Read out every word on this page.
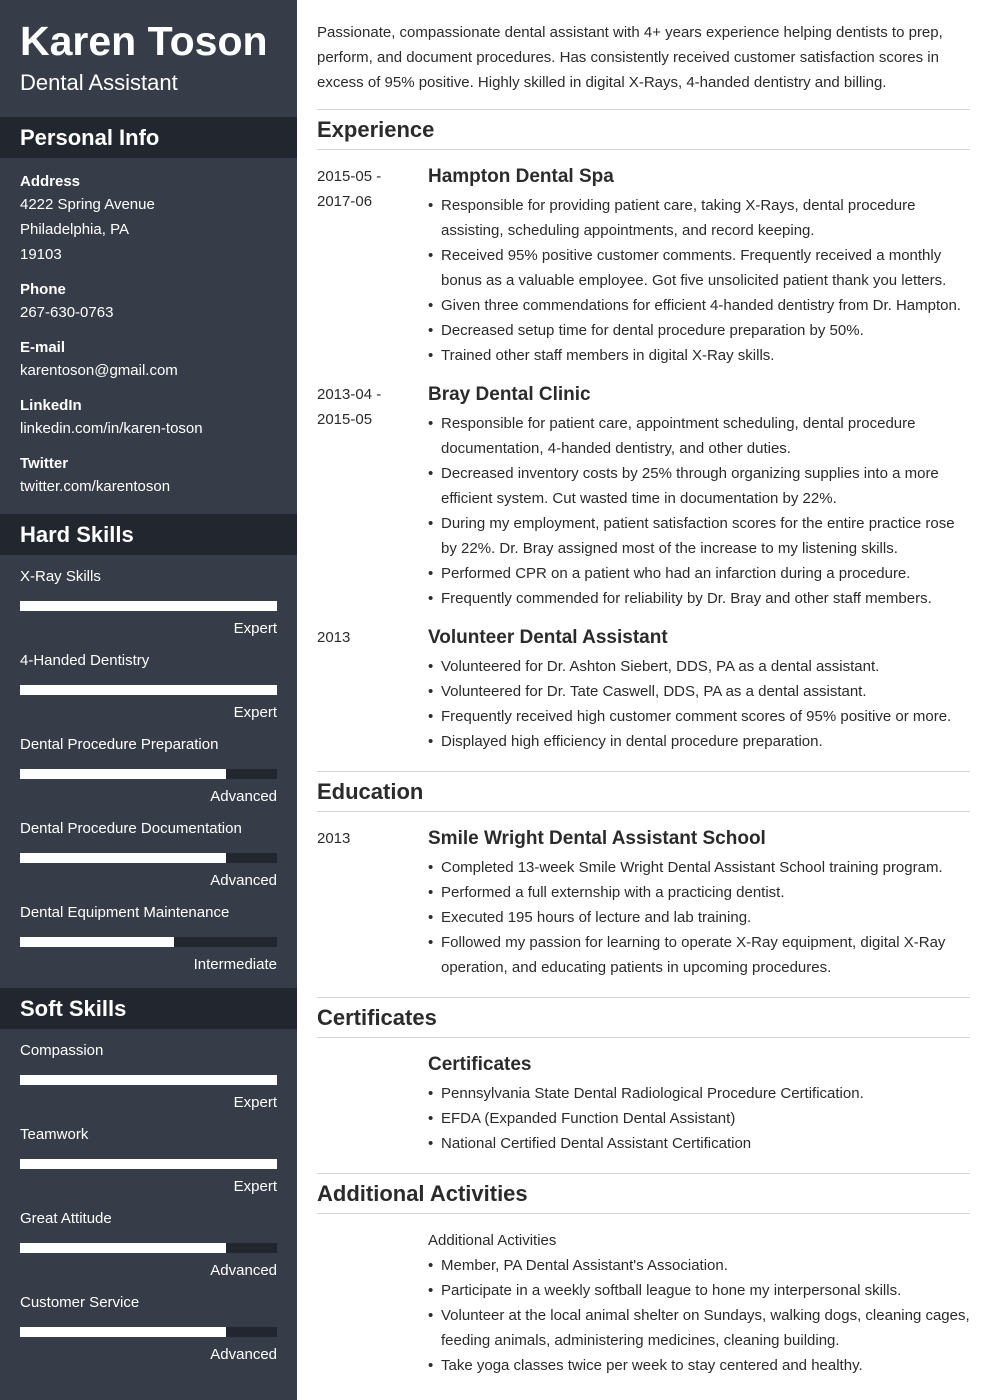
Karen Toson
Dental Assistant
Personal Info
Address
4222 Spring Avenue
Philadelphia, PA
19103
Phone
267-630-0763
E-mail
karentoson@gmail.com
LinkedIn
linkedin.com/in/karen-toson
Twitter
twitter.com/karentoson
Hard Skills
X-Ray Skills
Expert
4-Handed Dentistry
Expert
Dental Procedure Preparation
Advanced
Dental Procedure Documentation
Advanced
Dental Equipment Maintenance
Intermediate
Soft Skills
Compassion
Expert
Teamwork
Expert
Great Attitude
Advanced
Customer Service
Advanced

Passionate, compassionate dental assistant with 4+ years experience helping dentists to prep, perform, and document procedures. Has consistently received customer satisfaction scores in excess of 95% positive. Highly skilled in digital X-Rays, 4-handed dentistry and billing.

Experience
2015-05 -
2017-06
Hampton Dental Spa
• Responsible for providing patient care, taking X-Rays, dental procedure assisting, scheduling appointments, and record keeping.
• Received 95% positive customer comments. Frequently received a monthly bonus as a valuable employee. Got five unsolicited patient thank you letters.
• Given three commendations for efficient 4-handed dentistry from Dr. Hampton.
• Decreased setup time for dental procedure preparation by 50%.
• Trained other staff members in digital X-Ray skills.
2013-04 -
2015-05
Bray Dental Clinic
• Responsible for patient care, appointment scheduling, dental procedure documentation, 4-handed dentistry, and other duties.
• Decreased inventory costs by 25% through organizing supplies into a more efficient system. Cut wasted time in documentation by 22%.
• During my employment, patient satisfaction scores for the entire practice rose by 22%. Dr. Bray assigned most of the increase to my listening skills.
• Performed CPR on a patient who had an infarction during a procedure.
• Frequently commended for reliability by Dr. Bray and other staff members.
2013	Volunteer Dental Assistant
• Volunteered for Dr. Ashton Siebert, DDS, PA as a dental assistant.
• Volunteered for Dr. Tate Caswell, DDS, PA as a dental assistant.
• Frequently received high customer comment scores of 95% positive or more.
• Displayed high efficiency in dental procedure preparation.
Education
2013	Smile Wright Dental Assistant School
• Completed 13-week Smile Wright Dental Assistant School training program.
• Performed a full externship with a practicing dentist.
• Executed 195 hours of lecture and lab training.
• Followed my passion for learning to operate X-Ray equipment, digital X-Ray operation, and educating patients in upcoming procedures.
Certificates
Certificates
• Pennsylvania State Dental Radiological Procedure Certification.
• EFDA (Expanded Function Dental Assistant)
• National Certified Dental Assistant Certification
Additional Activities
Additional Activities
• Member, PA Dental Assistant's Association.
• Participate in a weekly softball league to hone my interpersonal skills.
• Volunteer at the local animal shelter on Sundays, walking dogs, cleaning cages, feeding animals, administering medicines, cleaning building.
• Take yoga classes twice per week to stay centered and healthy.
